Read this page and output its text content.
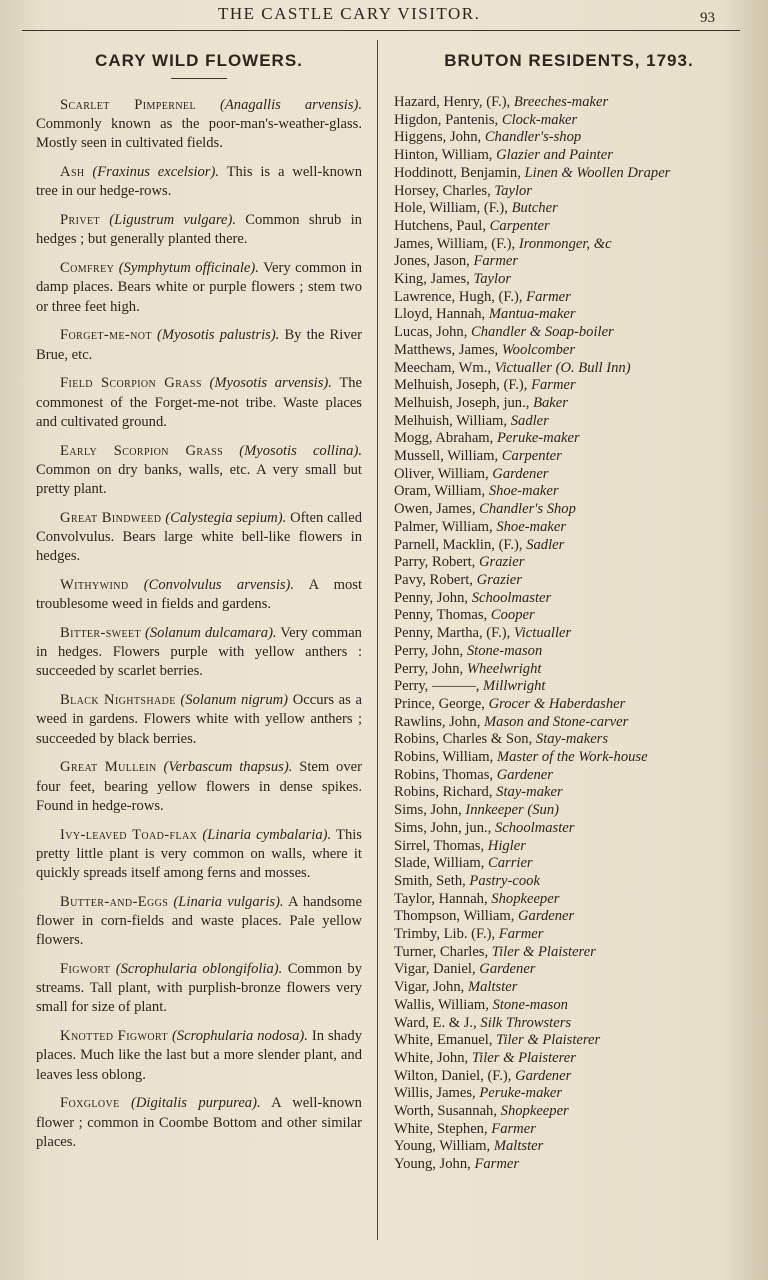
THE CASTLE CARY VISITOR.	93
CARY WILD FLOWERS.

Scarlet Pimpernel (Anagallis arvensis). Commonly known as the poor-man's-weather-glass. Mostly seen in cultivated fields.

Ash (Fraxinus excelsior). This is a well-known tree in our hedge-rows.

Privet (Ligustrum vulgare). Common shrub in hedges ; but generally planted there.

Comfrey (Symphytum officinale). Very common in damp places. Bears white or purple flowers ; stem two or three feet high.

Forget-me-not (Myosotis palustris). By the River Brue, etc.

Field Scorpion Grass (Myosotis arvensis). The commonest of the Forget-me-not tribe. Waste places and cultivated ground.

Early Scorpion Grass (Myosotis collina). Common on dry banks, walls, etc. A very small but pretty plant.

Great Bindweed (Calystegia sepium). Often called Convolvulus. Bears large white bell-like flowers in hedges.

Withywind (Convolvulus arvensis). A most troublesome weed in fields and gardens.

Bitter-sweet (Solanum dulcamara). Very comman in hedges. Flowers purple with yellow anthers : succeeded by scarlet berries.

Black Nightshade (Solanum nigrum) Occurs as a weed in gardens. Flowers white with yellow anthers ; succeeded by black berries.

Great Mullein (Verbascum thapsus). Stem over four feet, bearing yellow flowers in dense spikes. Found in hedge-rows.

Ivy-leaved Toad-flax (Linaria cymbalaria). This pretty little plant is very common on walls, where it quickly spreads itself among ferns and mosses.

Butter-and-Eggs (Linaria vulgaris). A handsome flower in corn-fields and waste places. Pale yellow flowers.

Figwort (Scrophularia oblongifolia). Common by streams. Tall plant, with purplish-bronze flowers very small for size of plant.

Knotted Figwort (Scrophularia nodosa). In shady places. Much like the last but a more slender plant, and leaves less oblong.

Foxglove (Digitalis purpurea). A well-known flower ; common in Coombe Bottom and other similar places.

BRUTON RESIDENTS, 1793.
Hazard, Henry, (F.), Breeches-maker
Higdon, Pantenis, Clock-maker
Higgens, John, Chandler's-shop
Hinton, William, Glazier and Painter
Hoddinott, Benjamin, Linen & Woollen Draper
Horsey, Charles, Taylor
Hole, William, (F.), Butcher
Hutchens, Paul, Carpenter
James, William, (F.), Ironmonger, &c
Jones, Jason, Farmer
King, James, Taylor
Lawrence, Hugh, (F.), Farmer
Lloyd, Hannah, Mantua-maker
Lucas, John, Chandler & Soap-boiler
Matthews, James, Woolcomber
Meecham, Wm., Victualler (O. Bull Inn)
Melhuish, Joseph, (F.), Farmer
Melhuish, Joseph, jun., Baker
Melhuish, William, Sadler
Mogg, Abraham, Peruke-maker
Mussell, William, Carpenter
Oliver, William, Gardener
Oram, William, Shoe-maker
Owen, James, Chandler's Shop
Palmer, William, Shoe-maker
Parnell, Macklin, (F.), Sadler
Parry, Robert, Grazier
Pavy, Robert, Grazier
Penny, John, Schoolmaster
Penny, Thomas, Cooper
Penny, Martha, (F.), Victualler
Perry, John, Stone-mason
Perry, John, Wheelwright
Perry, ———, Millwright
Prince, George, Grocer & Haberdasher
Rawlins, John, Mason and Stone-carver
Robins, Charles & Son, Stay-makers
Robins, William, Master of the Work-house
Robins, Thomas, Gardener
Robins, Richard, Stay-maker
Sims, John, Innkeeper (Sun)
Sims, John, jun., Schoolmaster
Sirrel, Thomas, Higler
Slade, William, Carrier
Smith, Seth, Pastry-cook
Taylor, Hannah, Shopkeeper
Thompson, William, Gardener
Trimby, Lib. (F.), Farmer
Turner, Charles, Tiler & Plaisterer
Vigar, Daniel, Gardener
Vigar, John, Maltster
Wallis, William, Stone-mason
Ward, E. & J., Silk Throwsters
White, Emanuel, Tiler & Plaisterer
White, John, Tiler & Plaisterer
Wilton, Daniel, (F.), Gardener
Willis, James, Peruke-maker
Worth, Susannah, Shopkeeper
White, Stephen, Farmer
Young, William, Maltster
Young, John, Farmer
